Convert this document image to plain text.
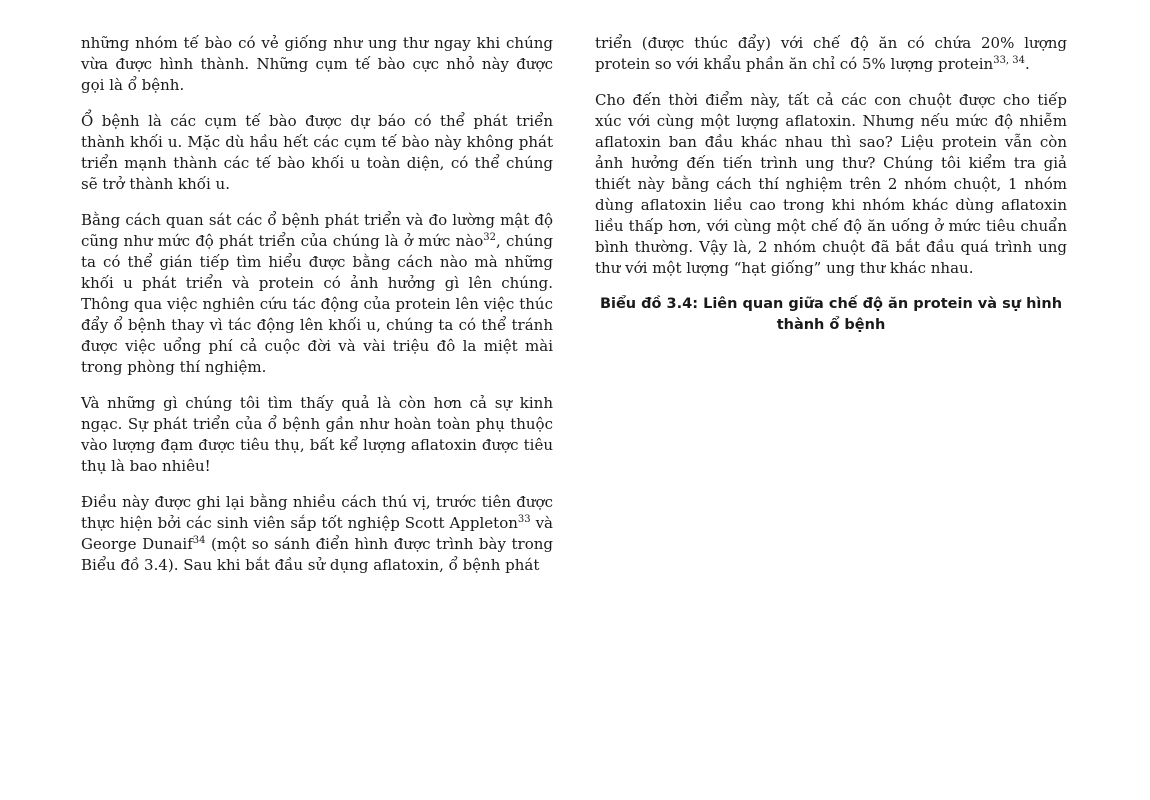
những nhóm tế bào có vẻ giống như ung thư ngay khi chúng vừa được hình thành. Những cụm tế bào cực nhỏ này được gọi là ổ bệnh.

Ổ bệnh là các cụm tế bào được dự báo có thể phát triển thành khối u. Mặc dù hầu hết các cụm tế bào này không phát triển mạnh thành các tế bào khối u toàn diện, có thể chúng sẽ trở thành khối u.

Bằng cách quan sát các ổ bệnh phát triển và đo lường mật độ cũng như mức độ phát triển của chúng là ở mức nào$^{32}$, chúng ta có thể gián tiếp tìm hiểu được bằng cách nào mà những khối u phát triển và protein có ảnh hưởng gì lên chúng. Thông qua việc nghiên cứu tác động của protein lên việc thúc đẩy ổ bệnh thay vì tác động lên khối u, chúng ta có thể tránh được việc uổng phí cả cuộc đời và vài triệu đô la miệt mài trong phòng thí nghiệm.

Và những gì chúng tôi tìm thấy quả là còn hơn cả sự kinh ngạc. Sự phát triển của ổ bệnh gần như hoàn toàn phụ thuộc vào lượng đạm được tiêu thụ, bất kể lượng aflatoxin được tiêu thụ là bao nhiêu!

Điều này được ghi lại bằng nhiều cách thú vị, trước tiên được thực hiện bởi các sinh viên sắp tốt nghiệp Scott Appleton$^{33}$ và George Dunaif$^{34}$ (một so sánh điển hình được trình bày trong Biểu đồ 3.4). Sau khi bắt đầu sử dụng aflatoxin, ổ bệnh phát

triển (được thúc đẩy) với chế độ ăn có chứa 20% lượng protein so với khẩu phần ăn chỉ có 5% lượng protein$^{33, 34}$.

Cho đến thời điểm này, tất cả các con chuột được cho tiếp xúc với cùng một lượng aflatoxin. Nhưng nếu mức độ nhiễm aflatoxin ban đầu khác nhau thì sao? Liệu protein vẫn còn ảnh hưởng đến tiến trình ung thư? Chúng tôi kiểm tra giả thiết này bằng cách thí nghiệm trên 2 nhóm chuột, 1 nhóm dùng aflatoxin liều cao trong khi nhóm khác dùng aflatoxin liều thấp hơn, với cùng một chế độ ăn uống ở mức tiêu chuẩn bình thường. Vậy là, 2 nhóm chuột đã bắt đầu quá trình ung thư với một lượng “hạt giống” ung thư khác nhau.

Biểu đồ 3.4: Liên quan giữa chế độ ăn protein và sự hình thành ổ bệnh
